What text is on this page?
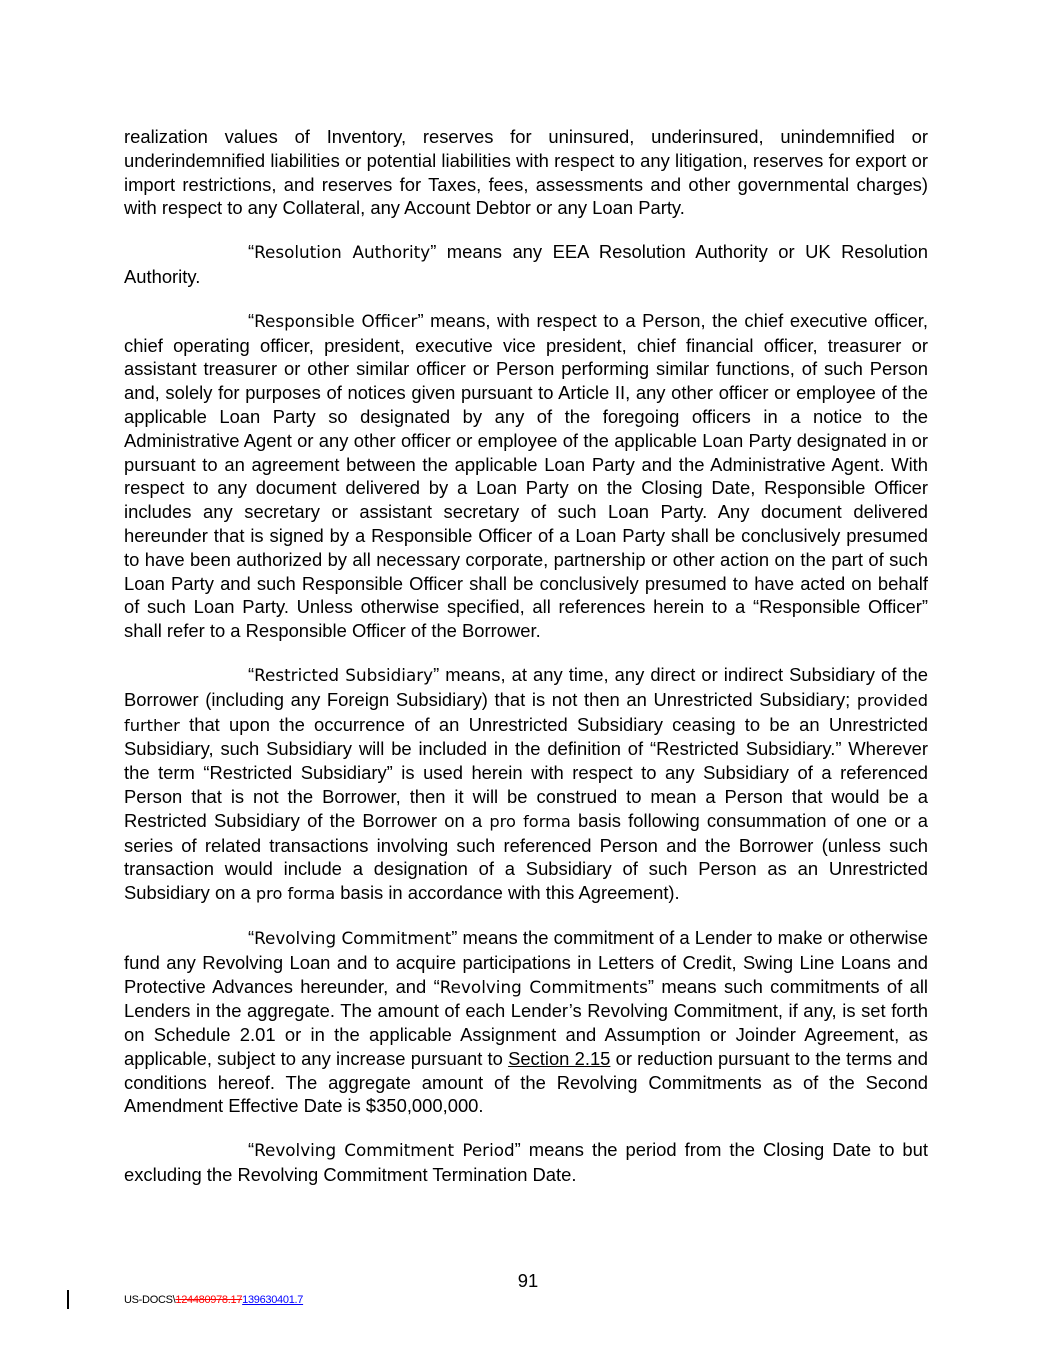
realization values of Inventory, reserves for uninsured, underinsured, unindemnified or underindemnified liabilities or potential liabilities with respect to any litigation, reserves for export or import restrictions, and reserves for Taxes, fees, assessments and other governmental charges) with respect to any Collateral, any Account Debtor or any Loan Party.

“Resolution Authority” means any EEA Resolution Authority or UK Resolution Authority.

“Responsible Officer” means, with respect to a Person, the chief executive officer, chief operating officer, president, executive vice president, chief financial officer, treasurer or assistant treasurer or other similar officer or Person performing similar functions, of such Person and, solely for purposes of notices given pursuant to Article II, any other officer or employee of the applicable Loan Party so designated by any of the foregoing officers in a notice to the Administrative Agent or any other officer or employee of the applicable Loan Party designated in or pursuant to an agreement between the applicable Loan Party and the Administrative Agent. With respect to any document delivered by a Loan Party on the Closing Date, Responsible Officer includes any secretary or assistant secretary of such Loan Party. Any document delivered hereunder that is signed by a Responsible Officer of a Loan Party shall be conclusively presumed to have been authorized by all necessary corporate, partnership or other action on the part of such Loan Party and such Responsible Officer shall be conclusively presumed to have acted on behalf of such Loan Party. Unless otherwise specified, all references herein to a “Responsible Officer” shall refer to a Responsible Officer of the Borrower.

“Restricted Subsidiary” means, at any time, any direct or indirect Subsidiary of the Borrower (including any Foreign Subsidiary) that is not then an Unrestricted Subsidiary; provided further that upon the occurrence of an Unrestricted Subsidiary ceasing to be an Unrestricted Subsidiary, such Subsidiary will be included in the definition of “Restricted Subsidiary.” Wherever the term “Restricted Subsidiary” is used herein with respect to any Subsidiary of a referenced Person that is not the Borrower, then it will be construed to mean a Person that would be a Restricted Subsidiary of the Borrower on a pro forma basis following consummation of one or a series of related transactions involving such referenced Person and the Borrower (unless such transaction would include a designation of a Subsidiary of such Person as an Unrestricted Subsidiary on a pro forma basis in accordance with this Agreement).

“Revolving Commitment” means the commitment of a Lender to make or otherwise fund any Revolving Loan and to acquire participations in Letters of Credit, Swing Line Loans and Protective Advances hereunder, and “Revolving Commitments” means such commitments of all Lenders in the aggregate. The amount of each Lender’s Revolving Commitment, if any, is set forth on Schedule 2.01 or in the applicable Assignment and Assumption or Joinder Agreement, as applicable, subject to any increase pursuant to Section 2.15 or reduction pursuant to the terms and conditions hereof. The aggregate amount of the Revolving Commitments as of the Second Amendment Effective Date is $350,000,000.

“Revolving Commitment Period” means the period from the Closing Date to but excluding the Revolving Commitment Termination Date.

91
US-DOCS\124480978.17139630401.7
